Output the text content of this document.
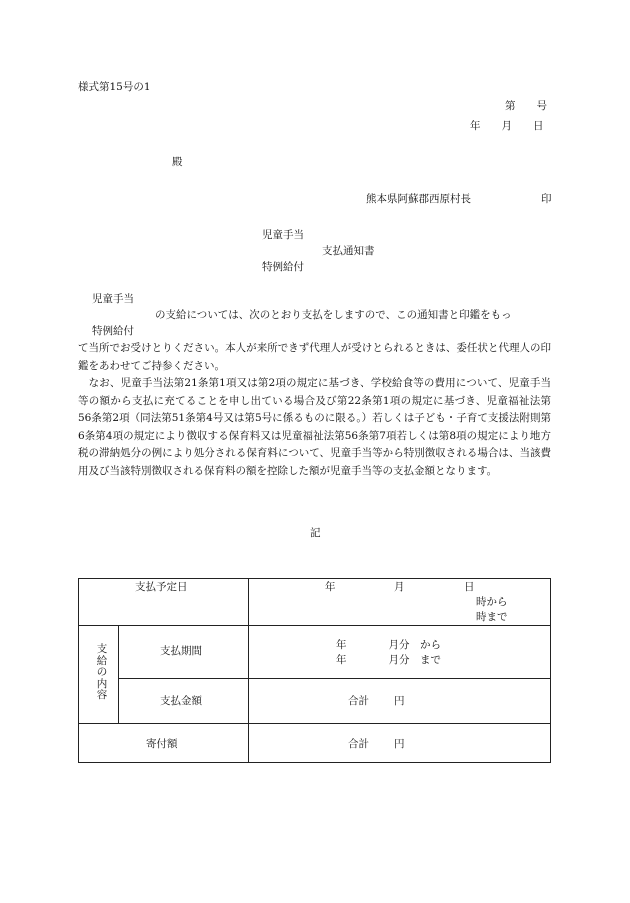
様式第15号の1
第　　号
年　　月　　日
殿
熊本県阿蘇郡西原村長	印
児童手当
支払通知書
特例給付
児童手当
の支給については、次のとおり支払をしますので、この通知書と印鑑をもっ
特例給付
て当所でお受けとりください。本人が来所できず代理人が受けとられるときは、委任状と代理人の印鑑をあわせてご持参ください。
　なお、児童手当法第21条第1項又は第2項の規定に基づき、学校給食等の費用について、児童手当等の額から支払に充てることを申し出ている場合及び第22条第1項の規定に基づき、児童福祉法第56条第2項（同法第51条第4号又は第5号に係るものに限る。）若しくは子ども・子育て支援法附則第6条第4項の規定により徴収する保育料又は児童福祉法第56条第7項若しくは第8項の規定により地方税の滞納処分の例により処分される保育料について、児童手当等から特別徴収される場合は、当該費用及び当該特別徴収される保育料の額を控除した額が児童手当等の支払金額となります。
記
支払予定日	年	月	日
時から
時まで
支給の内容
支払期間	年　　　　月分　から
年　　　　月分　まで
支払金額	合計 円
寄付額	合計 円
